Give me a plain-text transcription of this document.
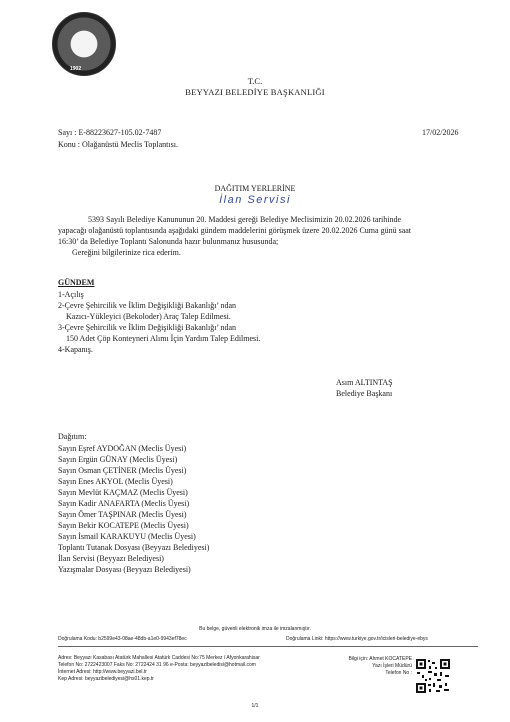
1902
T.C.
BEYYAZI BELEDİYE BAŞKANLIĞI
Sayı : E-88223627-105.02-7487
Konu : Olağanüstü Meclis Toplantısı.
17/02/2026
DAĞITIM YERLERİNE
İlan Servisi
5393 Sayılı Belediye Kanununun 20. Maddesi gereği Belediye Meclisimizin 20.02.2026 tarihinde
yapacağı olağanüstü toplantısında aşağıdaki gündem maddelerini görüşmek üzere 20.02.2026 Cuma günü saat
16:30’ da Belediye Toplantı Salonunda hazır bulunmanız hususunda;
Gereğini bilgilerinize rica ederim.
GÜNDEM
1-Açılış
2-Çevre Şehircilik ve İklim Değişikliği Bakanlığı’ ndan
Kazıcı-Yükleyici (Bekoloder) Araç Talep Edilmesi.
3-Çevre Şehircilik ve İklim Değişikliği Bakanlığı’ ndan
150 Adet Çöp Konteyneri Alımı İçin Yardım Talep Edilmesi.
4-Kapanış.
Asım ALTINTAŞ
Belediye Başkanı
Dağıtım:
Sayın Eşref AYDOĞAN (Meclis Üyesi)
Sayın Ergün GÜNAY (Meclis Üyesi)
Sayın Osman ÇETİNER (Meclis Üyesi)
Sayın Enes AKYOL (Meclis Üyesi)
Sayın Mevlüt KAÇMAZ (Meclis Üyesi)
Sayın Kadir ANAFARTA (Meclis Üyesi)
Sayın Ömer TAŞPINAR (Meclis Üyesi)
Sayın Bekir KOCATEPE (Meclis Üyesi)
Sayın İsmail KARAKUYU (Meclis Üyesi)
Toplantı Tutanak Dosyası (Beyyazı Belediyesi)
İlan Servisi (Beyyazı Belediyesi)
Yazışmalar Dosyası (Beyyazı Belediyesi)
Bu belge, güvenli elektronik imza ile imzalanmıştır.
Doğrulama Kodu: b2599e43-08ae-48db-a1e0-9943ef78ec	Doğrulama Linki: https://www.turkiye.gov.tr/icisleri-belediye-ebys
Adres: Beyyazı Kasabası Atatürk Mahallesi Atatürk Caddesi No:75 Merkez / Afyonkarahisar
Telefon No: 2722423007 Faks No: 2722424 31 96 e-Posta: beyyazibeledisi@hotmail.com
İnternet Adresi: http://www.beyyazi.bel.tr
Kep Adresi: beyyazibelediyesi@hs01.kep.tr
Bilgi için: Ahmet KOCATEPE
Yazı İşleri Müdürü
Telefon No :
1/1
